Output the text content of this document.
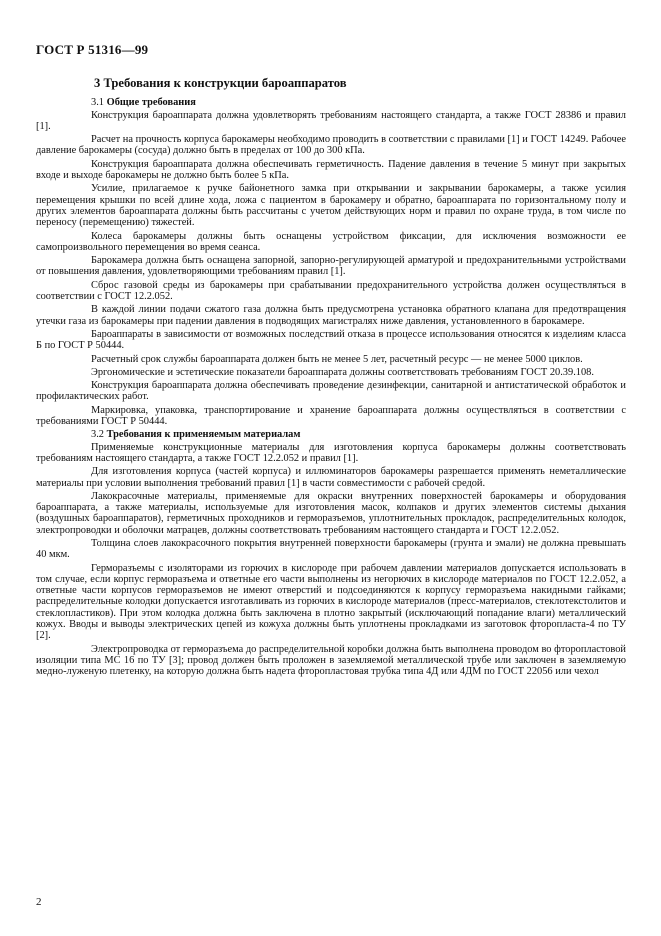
ГОСТ Р 51316—99
3 Требования к конструкции бароаппаратов
3.1 Общие требования

Конструкция бароаппарата должна удовлетворять требованиям настоящего стандарта, а также ГОСТ 28386 и правил [1].

Расчет на прочность корпуса барокамеры необходимо проводить в соответствии с правилами [1] и ГОСТ 14249. Рабочее давление барокамеры (сосуда) должно быть в пределах от 100 до 300 кПа.

Конструкция бароаппарата должна обеспечивать герметичность. Падение давления в течение 5 минут при закрытых входе и выходе барокамеры не должно быть более 5 кПа.

Усилие, прилагаемое к ручке байонетного замка при открывании и закрывании барокамеры, а также усилия перемещения крышки по всей длине хода, ложа с пациентом в барокамеру и обратно, бароаппарата по горизонтальному полу и других элементов бароаппарата должны быть рассчитаны с учетом действующих норм и правил по охране труда, в том числе по переносу (перемещению) тяжестей.

Колеса барокамеры должны быть оснащены устройством фиксации, для исключения возможности ее самопроизвольного перемещения во время сеанса.

Барокамера должна быть оснащена запорной, запорно-регулирующей арматурой и предохранительными устройствами от повышения давления, удовлетворяющими требованиям правил [1].

Сброс газовой среды из барокамеры при срабатывании предохранительного устройства должен осуществляться в соответствии с ГОСТ 12.2.052.

В каждой линии подачи сжатого газа должна быть предусмотрена установка обратного клапана для предотвращения утечки газа из барокамеры при падении давления в подводящих магистралях ниже давления, установленного в барокамере.

Бароаппараты в зависимости от возможных последствий отказа в процессе использования относятся к изделиям класса Б по ГОСТ Р 50444.

Расчетный срок службы бароаппарата должен быть не менее 5 лет, расчетный ресурс — не менее 5000 циклов.

Эргономические и эстетические показатели бароаппарата должны соответствовать требованиям ГОСТ 20.39.108.

Конструкция бароаппарата должна обеспечивать проведение дезинфекции, санитарной и антистатической обработок и профилактических работ.

Маркировка, упаковка, транспортирование и хранение бароаппарата должны осуществляться в соответствии с требованиями ГОСТ Р 50444.

3.2 Требования к применяемым материалам

Применяемые конструкционные материалы для изготовления корпуса барокамеры должны соответствовать требованиям настоящего стандарта, а также ГОСТ 12.2.052 и правил [1].

Для изготовления корпуса (частей корпуса) и иллюминаторов барокамеры разрешается применять неметаллические материалы при условии выполнения требований правил [1] в части совместимости с рабочей средой.

Лакокрасочные материалы, применяемые для окраски внутренних поверхностей барокамеры и оборудования бароаппарата, а также материалы, используемые для изготовления масок, колпаков и других элементов системы дыхания (воздушных бароаппаратов), герметичных проходников и гермоpазъемов, уплотнительных прокладок, распределительных колодок, электропроводки и оболочки матрацев, должны соответствовать требованиям настоящего стандарта и ГОСТ 12.2.052.

Толщина слоев лакокрасочного покрытия внутренней поверхности барокамеры (грунта и эмали) не должна превышать 40 мкм.

Гермоpазъемы с изоляторами из горючих в кислороде при рабочем давлении материалов допускается использовать в том случае, если корпус гермоpазъема и ответные его части выполнены из негорючих в кислороде материалов по ГОСТ 12.2.052, а ответные части корпусов гермоpазъемов не имеют отверстий и подсоединяются к корпусу гермоpазъема накидными гайками; распределительные колодки допускается изготавливать из горючих в кислороде материалов (пресс-материалов, стеклотекстолитов и стеклопластиков). При этом колодка должна быть заключена в плотно закрытый (исключающий попадание влаги) металлический кожух. Вводы и выводы электрических цепей из кожуха должны быть уплотнены прокладками из заготовок фторопласта-4 по ТУ [2].

Электропроводка от гермоpазъема до распределительной коробки должна быть выполнена проводом во фторопластовой изоляции типа МС 16 по ТУ [3]; провод должен быть проложен в заземляемой металлической трубе или заключен в заземляемую медно-луженую плетенку, на которую должна быть надета фторопластовая трубка типа 4Д или 4ДМ по ГОСТ 22056 или чехол

2
